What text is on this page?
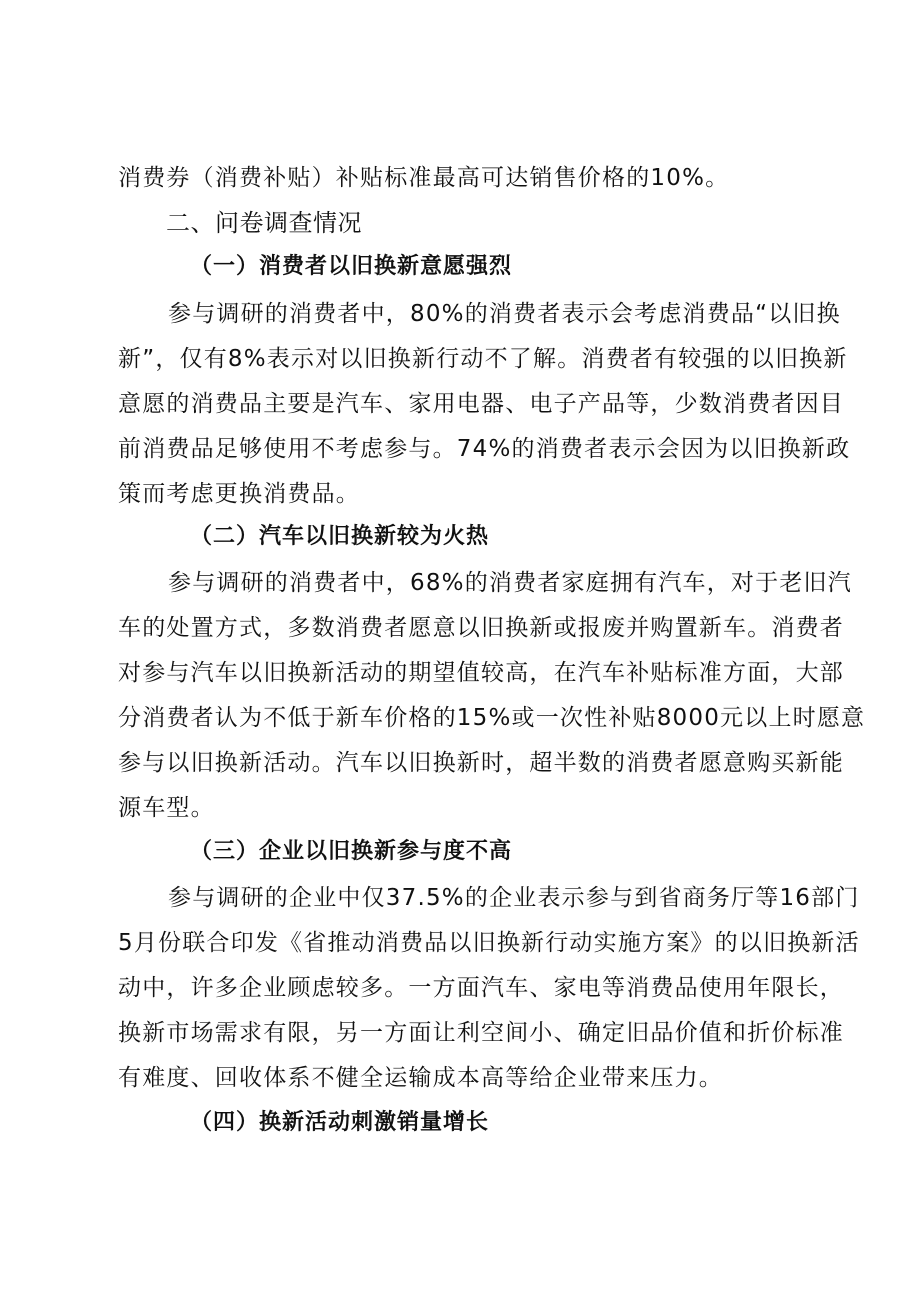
消费券（消费补贴）补贴标准最高可达销售价格的10%。
二、问卷调查情况
（一）消费者以旧换新意愿强烈
参与调研的消费者中，80%的消费者表示会考虑消费品“以旧换
新”，仅有8%表示对以旧换新行动不了解。消费者有较强的以旧换新
意愿的消费品主要是汽车、家用电器、电子产品等，少数消费者因目
前消费品足够使用不考虑参与。74%的消费者表示会因为以旧换新政
策而考虑更换消费品。
（二）汽车以旧换新较为火热
参与调研的消费者中，68%的消费者家庭拥有汽车，对于老旧汽
车的处置方式，多数消费者愿意以旧换新或报废并购置新车。消费者
对参与汽车以旧换新活动的期望值较高，在汽车补贴标准方面，大部
分消费者认为不低于新车价格的15%或一次性补贴8000元以上时愿意
参与以旧换新活动。汽车以旧换新时，超半数的消费者愿意购买新能
源车型。
（三）企业以旧换新参与度不高
参与调研的企业中仅37.5%的企业表示参与到省商务厅等16部门
5月份联合印发《省推动消费品以旧换新行动实施方案》的以旧换新活
动中，许多企业顾虑较多。一方面汽车、家电等消费品使用年限长，
换新市场需求有限，另一方面让利空间小、确定旧品价值和折价标准
有难度、回收体系不健全运输成本高等给企业带来压力。
（四）换新活动刺激销量增长
